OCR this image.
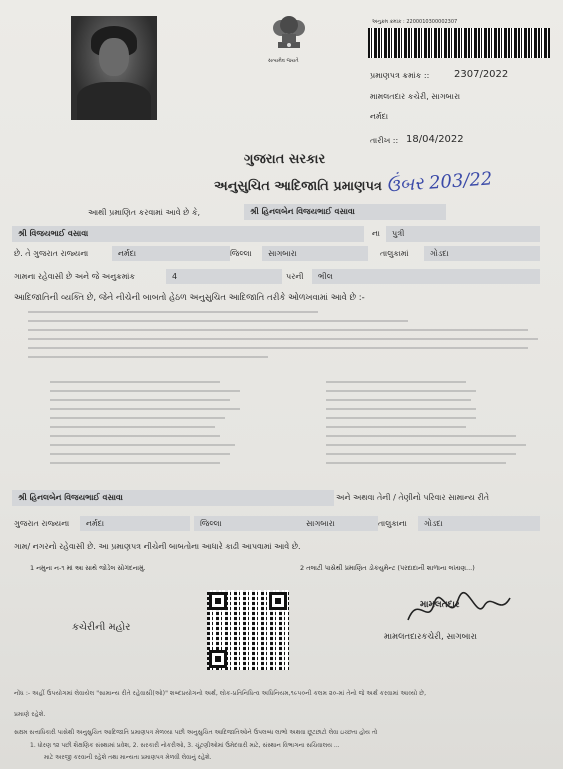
સત્યમેવ જયતે
અનુક્રમ ક્રમાંક : 2200010300002307
પ્રમાણપત્ર ક્રમાંક :: 2307/2022
મામલતદાર કચેરી, સાગબારા
નર્મદા
તારીખ :: 18/04/2022
ઉંબર 203/22
ગુજરાત સરકાર
અનુસુચિત આદિજાતિ પ્રમાણપત્ર
આથી પ્રમાણિત કરવામાં આવે છે કે,	શ્રી હિનલબેન વિજયભાઈ વસાવા
શ્રી વિજયભાઈ વસાવા	ના	પુત્રી
છે. તે ગુજરાત રાજ્યના	નર્મદા	જિલ્લા	સાગબારા	તાલુકામાં	ગોડદા
ગામના રહેવાસી છે અને જે અનુક્રમાંક	4	પરની	ભીલ
આદિજાતિની વ્યક્તિ છે, જેને નીચેની બાબતો હેઠળ અનુસુચિત આદિજાતિ તરીકે ઓળખવામાં આવે છે :-
શ્રી હિનલબેન વિજયભાઈ વસાવા	અને અથવા તેની / તેણીનો પરિવાર સામાન્ય રીતે
ગુજરાત રાજ્યના	નર્મદા	જિલ્લા	સાગબારા	તાલુકાના	ગોડદા
ગામ/ નગરનો રહેવાસી છે. આ પ્રમાણપત્ર નીચેની બાબતોના આધારે કાઢી આપવામાં આવે છે.
1 નમુના ન-૧ માં આ સાથે જોડેલ સોગંદનામું.	2 તલાટી પાસેથી પ્રમાણિત ડોકયુમેન્ટ (પરદાદાની શાળાના લખાણ...)
કચેરીની મહોર
મામલતદાર
મામલતદારકચેરી, સાગબારા
નોંધ :- અહીં ઉપયોગમાં લેવાયેલ "સામાન્ય રીતે રહેવાસી(ઓ)" શબ્દપ્રયોગનો અર્થ, લોક-પ્રતિનિધિત્વ અધિનિયમ,૧૯૫૦ની કલમ ૨૦-માં તેનો જે અર્થ કરવામાં આવ્યો છે,
પ્રમાણે રહેશે.
સક્ષમ સત્તાધિકારી પાસેથી અનુસુચિત આદિજાતિ પ્રમાણપત્ર મેળવ્યા પછી અનુસુચિત આદિજાતિઓને ઉપલબ્ધ લાભો અથવા છૂટછાટો લેવા ઇચ્છતા હોય તો
1. ધોરણ ૧૨ પછી શૈક્ષણિક સંસ્થામાં પ્રવેશ, 2. સરકારી નોકરીઓ, 3. ચૂંટણીઓમાં ઉમેદવારી માટે, સંસ્થાન વિભાગના સચિવાલય ...
માટે અરજી કરવાની રહેશે તથા માન્યતા પ્રમાણપત્ર મેળવી લેવાનું રહેશે.
